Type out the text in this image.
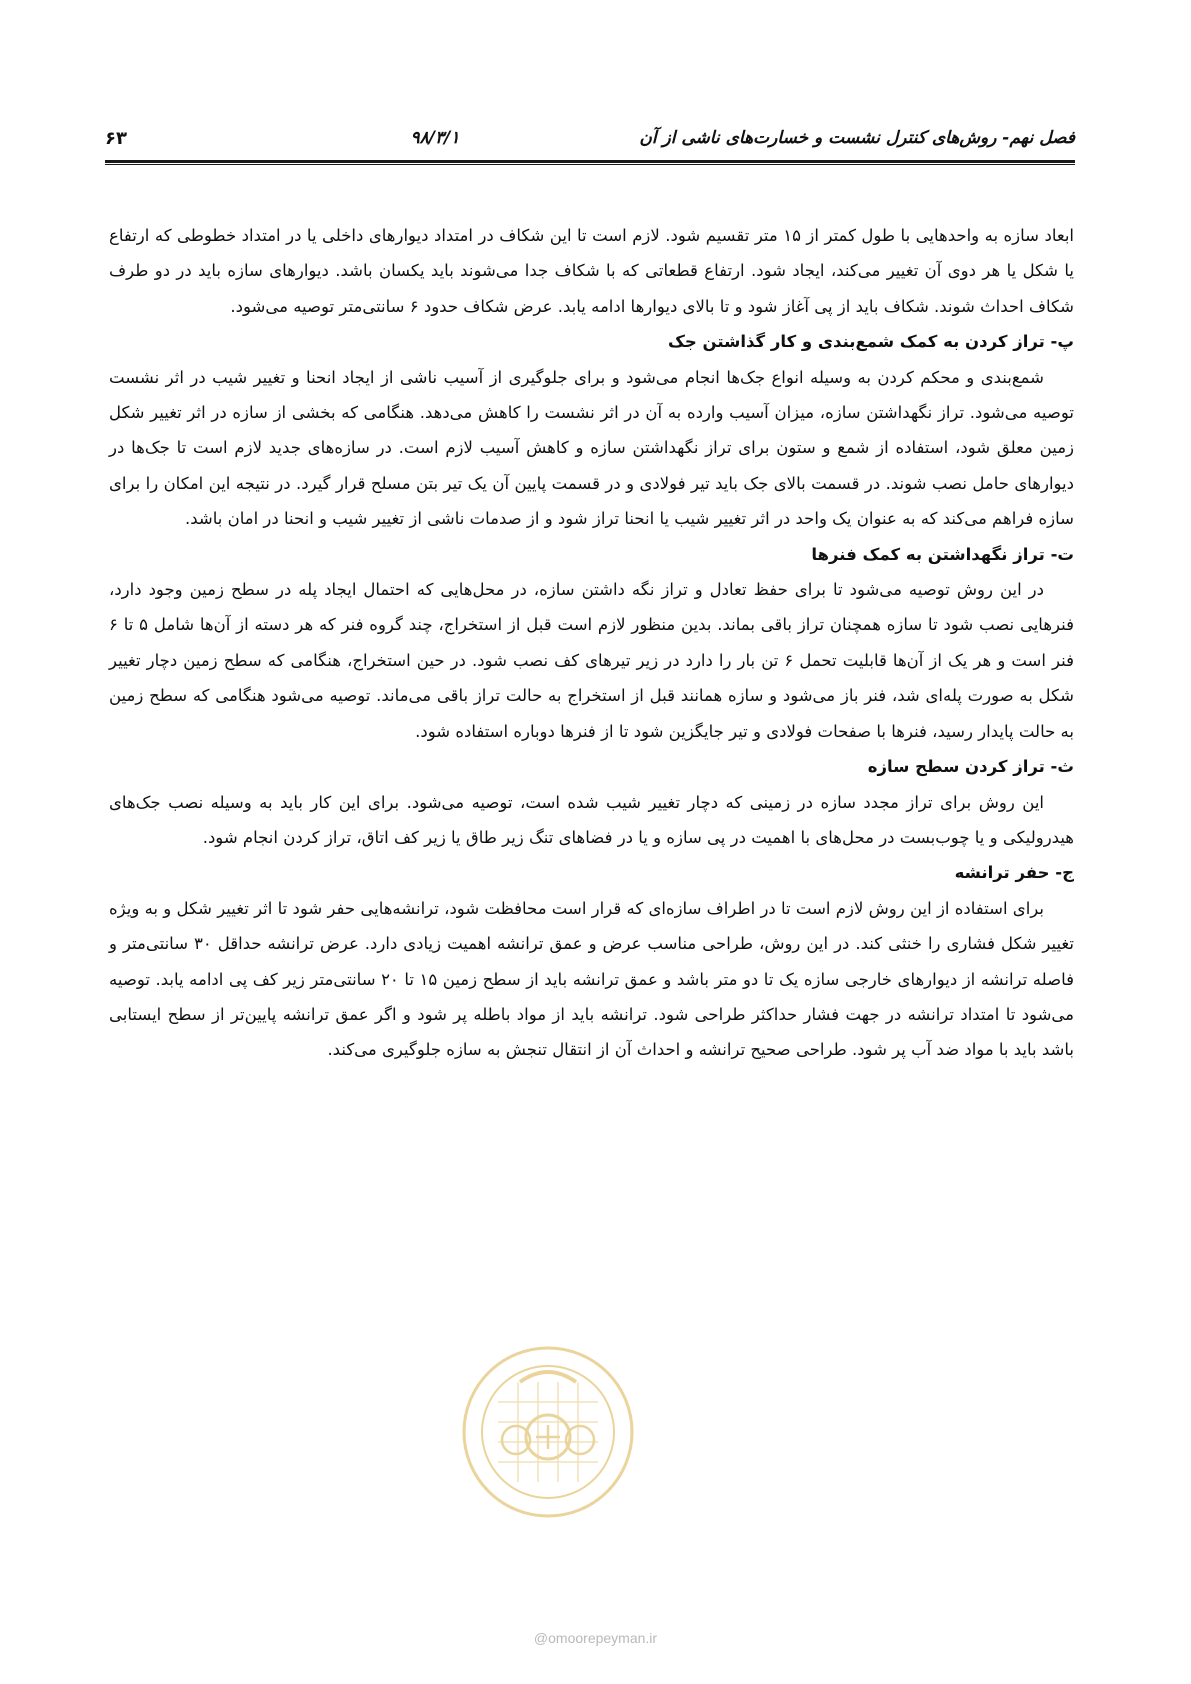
فصل نهم- روش‌های کنترل نشست و خسارت‌های ناشی از آن
۹۸/۳/۱
۶۳

ابعاد سازه به واحدهایی با طول کمتر از ۱۵ متر تقسیم شود. لازم است تا این شکاف در امتداد دیوارهای داخلی یا در امتداد خطوطی که ارتفاع یا شکل یا هر دوی آن تغییر می‌کند، ایجاد شود. ارتفاع قطعاتی که با شکاف جدا می‌شوند باید یکسان باشد. دیوارهای سازه باید در دو طرف شکاف احداث شوند. شکاف باید از پی آغاز شود و تا بالای دیوارها ادامه یابد. عرض شکاف حدود ۶ سانتی‌متر توصیه می‌شود.

پ- تراز کردن به کمک شمع‌بندی و کار گذاشتن جک

شمع‌بندی و محکم کردن به وسیله انواع جک‌ها انجام می‌شود و برای جلوگیری از آسیب ناشی از ایجاد انحنا و تغییر شیب در اثر نشست توصیه می‌شود. تراز نگهداشتن سازه، میزان آسیب وارده به آن در اثر نشست را کاهش می‌دهد. هنگامی که بخشی از سازه در اثر تغییر شکل زمین معلق شود، استفاده از شمع و ستون برای تراز نگهداشتن سازه و کاهش آسیب لازم است. در سازه‌های جدید لازم است تا جک‌ها در دیوارهای حامل نصب شوند. در قسمت بالای جک باید تیر فولادی و در قسمت پایین آن یک تیر بتن مسلح قرار گیرد. در نتیجه این امکان را برای سازه فراهم می‌کند که به عنوان یک واحد در اثر تغییر شیب یا انحنا تراز شود و از صدمات ناشی از تغییر شیب و انحنا در امان باشد.

ت- تراز نگهداشتن به کمک فنرها

در این روش توصیه می‌شود تا برای حفظ تعادل و تراز نگه داشتن سازه، در محل‌هایی که احتمال ایجاد پله در سطح زمین وجود دارد، فنرهایی نصب شود تا سازه همچنان تراز باقی بماند. بدین منظور لازم است قبل از استخراج، چند گروه فنر که هر دسته از آن‌ها شامل ۵ تا ۶ فنر است و هر یک از آن‌ها قابلیت تحمل ۶ تن بار را دارد در زیر تیرهای کف نصب شود. در حین استخراج، هنگامی که سطح زمین دچار تغییر شکل به صورت پله‌ای شد، فنر باز می‌شود و سازه همانند قبل از استخراج به حالت تراز باقی می‌ماند. توصیه می‌شود هنگامی که سطح زمین به حالت پایدار رسید، فنرها با صفحات فولادی و تیر جایگزین شود تا از فنرها دوباره استفاده شود.

ث- تراز کردن سطح سازه

این روش برای تراز مجدد سازه در زمینی که دچار تغییر شیب شده است، توصیه می‌شود. برای این کار باید به وسیله نصب جک‌های هیدرولیکی و یا چوب‌بست در محل‌های با اهمیت در پی سازه و یا در فضاهای تنگ زیر طاق یا زیر کف اتاق، تراز کردن انجام شود.

ج- حفر ترانشه

برای استفاده از این روش لازم است تا در اطراف سازه‌ای که قرار است محافظت شود، ترانشه‌هایی حفر شود تا اثر تغییر شکل و به ویژه تغییر شکل فشاری را خنثی کند. در این روش، طراحی مناسب عرض و عمق ترانشه اهمیت زیادی دارد. عرض ترانشه حداقل ۳۰ سانتی‌متر و فاصله ترانشه از دیوارهای خارجی سازه یک تا دو متر باشد و عمق ترانشه باید از سطح زمین ۱۵ تا ۲۰ سانتی‌متر زیر کف پی ادامه یابد. توصیه می‌شود تا امتداد ترانشه در جهت فشار حداکثر طراحی شود. ترانشه باید از مواد باطله پر شود و اگر عمق ترانشه پایین‌تر از سطح ایستابی باشد باید با مواد ضد آب پر شود. طراحی صحیح ترانشه و احداث آن از انتقال تنجش به سازه جلوگیری می‌کند.

@omoorepeyman.ir
